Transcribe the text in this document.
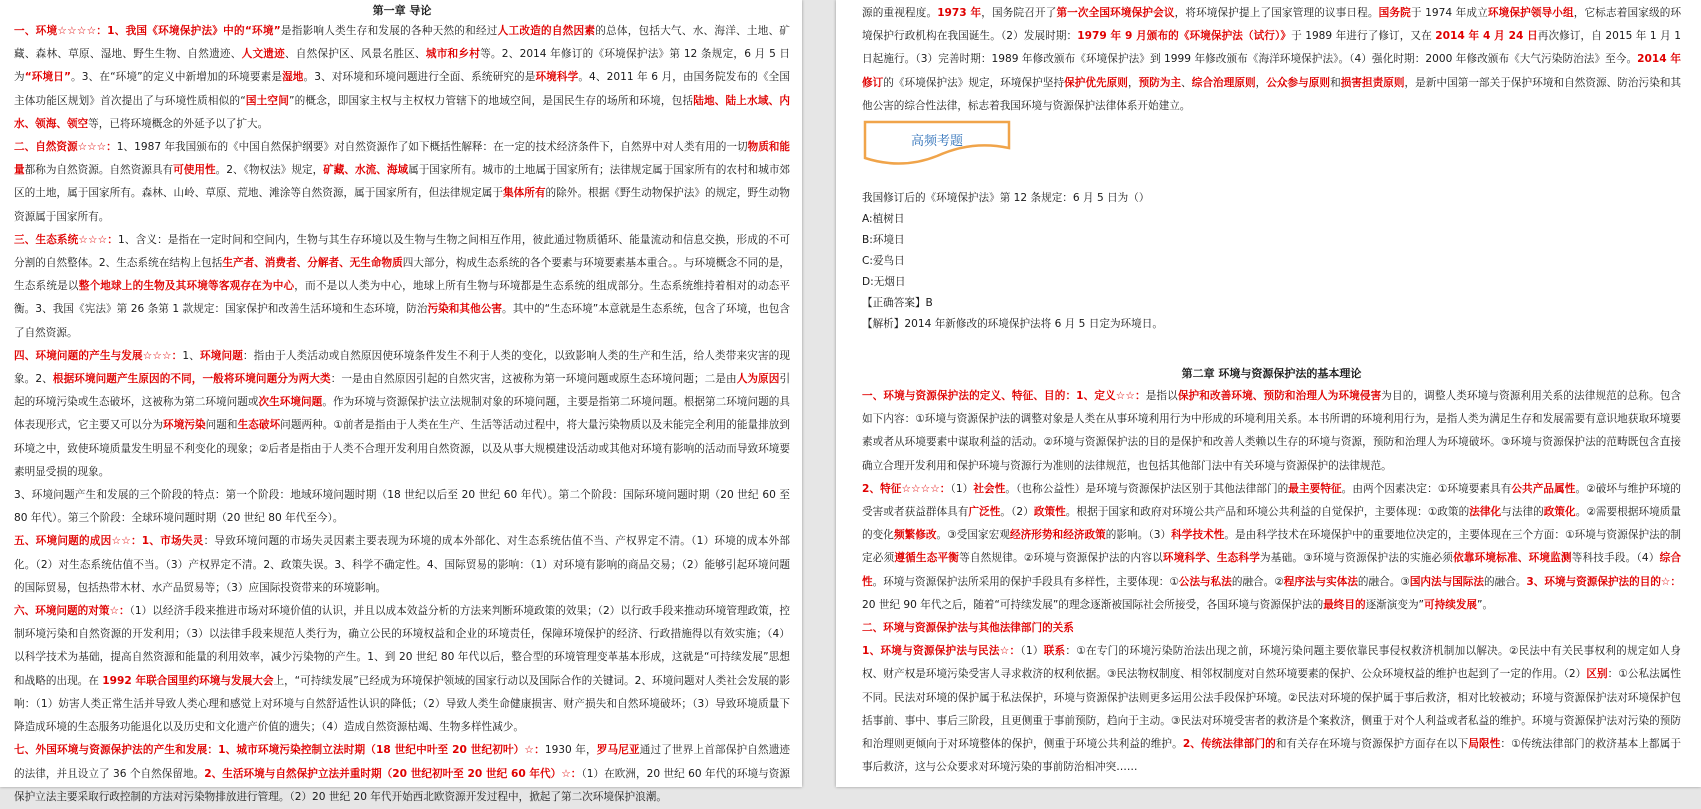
第一章 导论

一、环境☆☆☆☆：1、我国《环境保护法》中的“环境”是指影响人类生存和发展的各种天然的和经过人工改造的自然因素的总体，包括大气、水、海洋、土地、矿藏、森林、草原、湿地、野生生物、自然遗迹、人文遗迹、自然保护区、风景名胜区、城市和乡村等。2、2014 年修订的《环境保护法》第 12 条规定，6 月 5 日为“环境日”。3、在“环境”的定义中新增加的环境要素是湿地。3、对环境和环境问题进行全面、系统研究的是环境科学。4、2011 年 6 月，由国务院发布的《全国主体功能区规划》首次提出了与环境性质相似的“国土空间”的概念，即国家主权与主权权力管辖下的地域空间，是国民生存的场所和环境，包括陆地、陆上水域、内水、领海、领空等，已将环境概念的外延予以了扩大。

二、自然资源☆☆☆：1、1987 年我国颁布的《中国自然保护纲要》对自然资源作了如下概括性解释：在一定的技术经济条件下，自然界中对人类有用的一切物质和能量都称为自然资源。自然资源具有可使用性。2、《物权法》规定，矿藏、水流、海域属于国家所有。城市的土地属于国家所有；法律规定属于国家所有的农村和城市郊区的土地，属于国家所有。森林、山岭、草原、荒地、滩涂等自然资源，属于国家所有，但法律规定属于集体所有的除外。根据《野生动物保护法》的规定，野生动物资源属于国家所有。

三、生态系统☆☆☆：1、含义：是指在一定时间和空间内，生物与其生存环境以及生物与生物之间相互作用，彼此通过物质循环、能量流动和信息交换，形成的不可分割的自然整体。2、生态系统在结构上包括生产者、消费者、分解者、无生命物质四大部分，构成生态系统的各个要素与环境要素基本重合。。与环境概念不同的是，生态系统是以整个地球上的生物及其环境等客观存在为中心，而不是以人类为中心，地球上所有生物与环境都是生态系统的组成部分。生态系统维持着相对的动态平衡。3、我国《宪法》第 26 条第 1 款规定：国家保护和改善生活环境和生态环境，防治污染和其他公害。其中的“生态环境”本意就是生态系统，包含了环境，也包含了自然资源。

四、环境问题的产生与发展☆☆☆：1、环境问题：指由于人类活动或自然原因使环境条件发生不利于人类的变化，以致影响人类的生产和生活，给人类带来灾害的现象。2、根据环境问题产生原因的不同，一般将环境问题分为两大类：一是由自然原因引起的自然灾害，这被称为第一环境问题或原生态环境问题；二是由人为原因引起的环境污染或生态破坏，这被称为第二环境问题或次生环境问题。作为环境与资源保护法立法规制对象的环境问题，主要是指第二环境问题。根据第二环境问题的具体表现形式，它主要又可以分为环境污染问题和生态破坏问题两种。①前者是指由于人类在生产、生活等活动过程中，将大量污染物质以及未能完全利用的能量排放到环境之中，致使环境质量发生明显不利变化的现象；②后者是指由于人类不合理开发利用自然资源，以及从事大规模建设活动或其他对环境有影响的活动而导致环境要素明显受损的现象。

3、环境问题产生和发展的三个阶段的特点：第一个阶段：地域环境问题时期（18 世纪以后至 20 世纪 60 年代）。第二个阶段：国际环境问题时期（20 世纪 60 至 80 年代）。第三个阶段：全球环境问题时期（20 世纪 80 年代至今）。

五、环境问题的成因☆☆：1、市场失灵：导致环境问题的市场失灵因素主要表现为环境的成本外部化、对生态系统估值不当、产权界定不清。（1）环境的成本外部化。（2）对生态系统估值不当。（3）产权界定不清。2、政策失误。3、科学不确定性。4、国际贸易的影响：（1）对环境有影响的商品交易；（2）能够引起环境问题的国际贸易，包括热带木材、水产品贸易等；（3）应国际投资带来的环境影响。

六、环境问题的对策☆：（1）以经济手段来推进市场对环境价值的认识，并且以成本效益分析的方法来判断环境政策的效果；（2）以行政手段来推动环境管理政策，控制环境污染和自然资源的开发利用；（3）以法律手段来规范人类行为，确立公民的环境权益和企业的环境责任，保障环境保护的经济、行政措施得以有效实施；（4）以科学技术为基础，提高自然资源和能量的利用效率，减少污染物的产生。1、到 20 世纪 80 年代以后，整合型的环境管理变革基本形成，这就是“可持续发展”思想和战略的出现。在 1992 年联合国里约环境与发展大会上，“可持续发展”已经成为环境保护领域的国家行动以及国际合作的关键词。2、环境问题对人类社会发展的影响：（1）妨害人类正常生活并导致人类心理和感觉上对环境与自然舒适性认识的降低；（2）导致人类生命健康损害、财产损失和自然环境破坏；（3）导致环境质量下降造成环境的生态服务功能退化以及历史和文化遗产价值的遗失；（4）造成自然资源枯竭、生物多样性减少。

七、外国环境与资源保护法的产生和发展：1、城市环境污染控制立法时期（18 世纪中叶至 20 世纪初叶）☆：1930 年，罗马尼亚通过了世界上首部保护自然遗迹的法律，并且设立了 36 个自然保留地。2、生活环境与自然保护立法并重时期（20 世纪初叶至 20 世纪 60 年代）☆：（1）在欧洲，20 世纪 60 年代的环境与资源保护立法主要采取行政控制的方法对污染物排放进行管理。（2）20 世纪 20 年代开始西北欧资源开发过程中，掀起了第二次环境保护浪潮。

源的重视程度。1973 年，国务院召开了第一次全国环境保护会议，将环境保护提上了国家管理的议事日程。国务院于 1974 年成立环境保护领导小组，它标志着国家级的环境保护行政机构在我国诞生。（2）发展时期：1979 年 9 月颁布的《环境保护法（试行）》于 1989 年进行了修订，又在 2014 年 4 月 24 日再次修订，自 2015 年 1 月 1 日起施行。（3）完善时期：1989 年修改颁布《环境保护法》到 1999 年修改颁布《海洋环境保护法》。（4）强化时期：2000 年修改颁布《大气污染防治法》至今。2014 年修订的《环境保护法》规定，环境保护坚持保护优先原则，预防为主、综合治理原则，公众参与原则和损害担责原则，是新中国第一部关于保护环境和自然资源、防治污染和其他公害的综合性法律，标志着我国环境与资源保护法律体系开始建立。

高频考题

我国修订后的《环境保护法》第 12 条规定：6 月 5 日为（）

A:植树日

B:环境日

C:爱鸟日

D:无烟日

【正确答案】B

【解析】2014 年新修改的环境保护法将 6 月 5 日定为环境日。

第二章 环境与资源保护法的基本理论

一、环境与资源保护法的定义、特征、目的：1、定义☆☆：是指以保护和改善环境、预防和治理人为环境侵害为目的，调整人类环境与资源利用关系的法律规范的总称。包含如下内容：①环境与资源保护法的调整对象是人类在从事环境利用行为中形成的环境利用关系。本书所谓的环境利用行为，是指人类为满足生存和发展需要有意识地获取环境要素或者从环境要素中谋取利益的活动。②环境与资源保护法的目的是保护和改善人类赖以生存的环境与资源，预防和治理人为环境破坏。③环境与资源保护法的范畴既包含直接确立合理开发利用和保护环境与资源行为准则的法律规范，也包括其他部门法中有关环境与资源保护的法律规范。

2、特征☆☆☆☆：（1）社会性。（也称公益性）是环境与资源保护法区别于其他法律部门的最主要特征。由两个因素决定：①环境要素具有公共产品属性。②破坏与维护环境的受害或者获益群体具有广泛性。（2）政策性。根据于国家和政府对环境公共产品和环境公共利益的自觉保护，主要体现：①政策的法律化与法律的政策化。②需要根据环境质量的变化频繁修改。③受国家宏观经济形势和经济政策的影响。（3）科学技术性。是由科学技术在环境保护中的重要地位决定的，主要体现在三个方面：①环境与资源保护法的制定必须遵循生态平衡等自然规律。②环境与资源保护法的内容以环境科学、生态科学为基础。③环境与资源保护法的实施必须依靠环境标准、环境监测等科技手段。（4）综合性。环境与资源保护法所采用的保护手段具有多样性，主要体现：①公法与私法的融合。②程序法与实体法的融合。③国内法与国际法的融合。3、环境与资源保护法的目的☆：20 世纪 90 年代之后，随着“可持续发展”的理念逐渐被国际社会所接受，各国环境与资源保护法的最终目的逐渐演变为”可持续发展”。

二、环境与资源保护法与其他法律部门的关系

1、环境与资源保护法与民法☆：（1）联系：①在专门的环境污染防治法出现之前，环境污染问题主要依靠民事侵权救济机制加以解决。②民法中有关民事权利的规定如人身权、财产权是环境污染受害人寻求救济的权利依据。③民法物权制度、相邻权制度对自然环境要素的保护、公众环境权益的维护也起到了一定的作用。（2）区别：①公私法属性不同。民法对环境的保护属于私法保护，环境与资源保护法则更多运用公法手段保护环境。②民法对环境的保护属于事后救济，相对比较被动；环境与资源保护法对环境保护包括事前、事中、事后三阶段，且更侧重于事前预防，趋向于主动。③民法对环境受害者的救济是个案救济，侧重于对个人利益或者私益的维护。环境与资源保护法对污染的预防和治理则更倾向于对环境整体的保护，侧重于环境公共利益的维护。2、传统法律部门的和有关存在环境与资源保护方面存在以下局限性：①传统法律部门的救济基本上都属于事后救济，这与公众要求对环境污染的事前防治相冲突……
